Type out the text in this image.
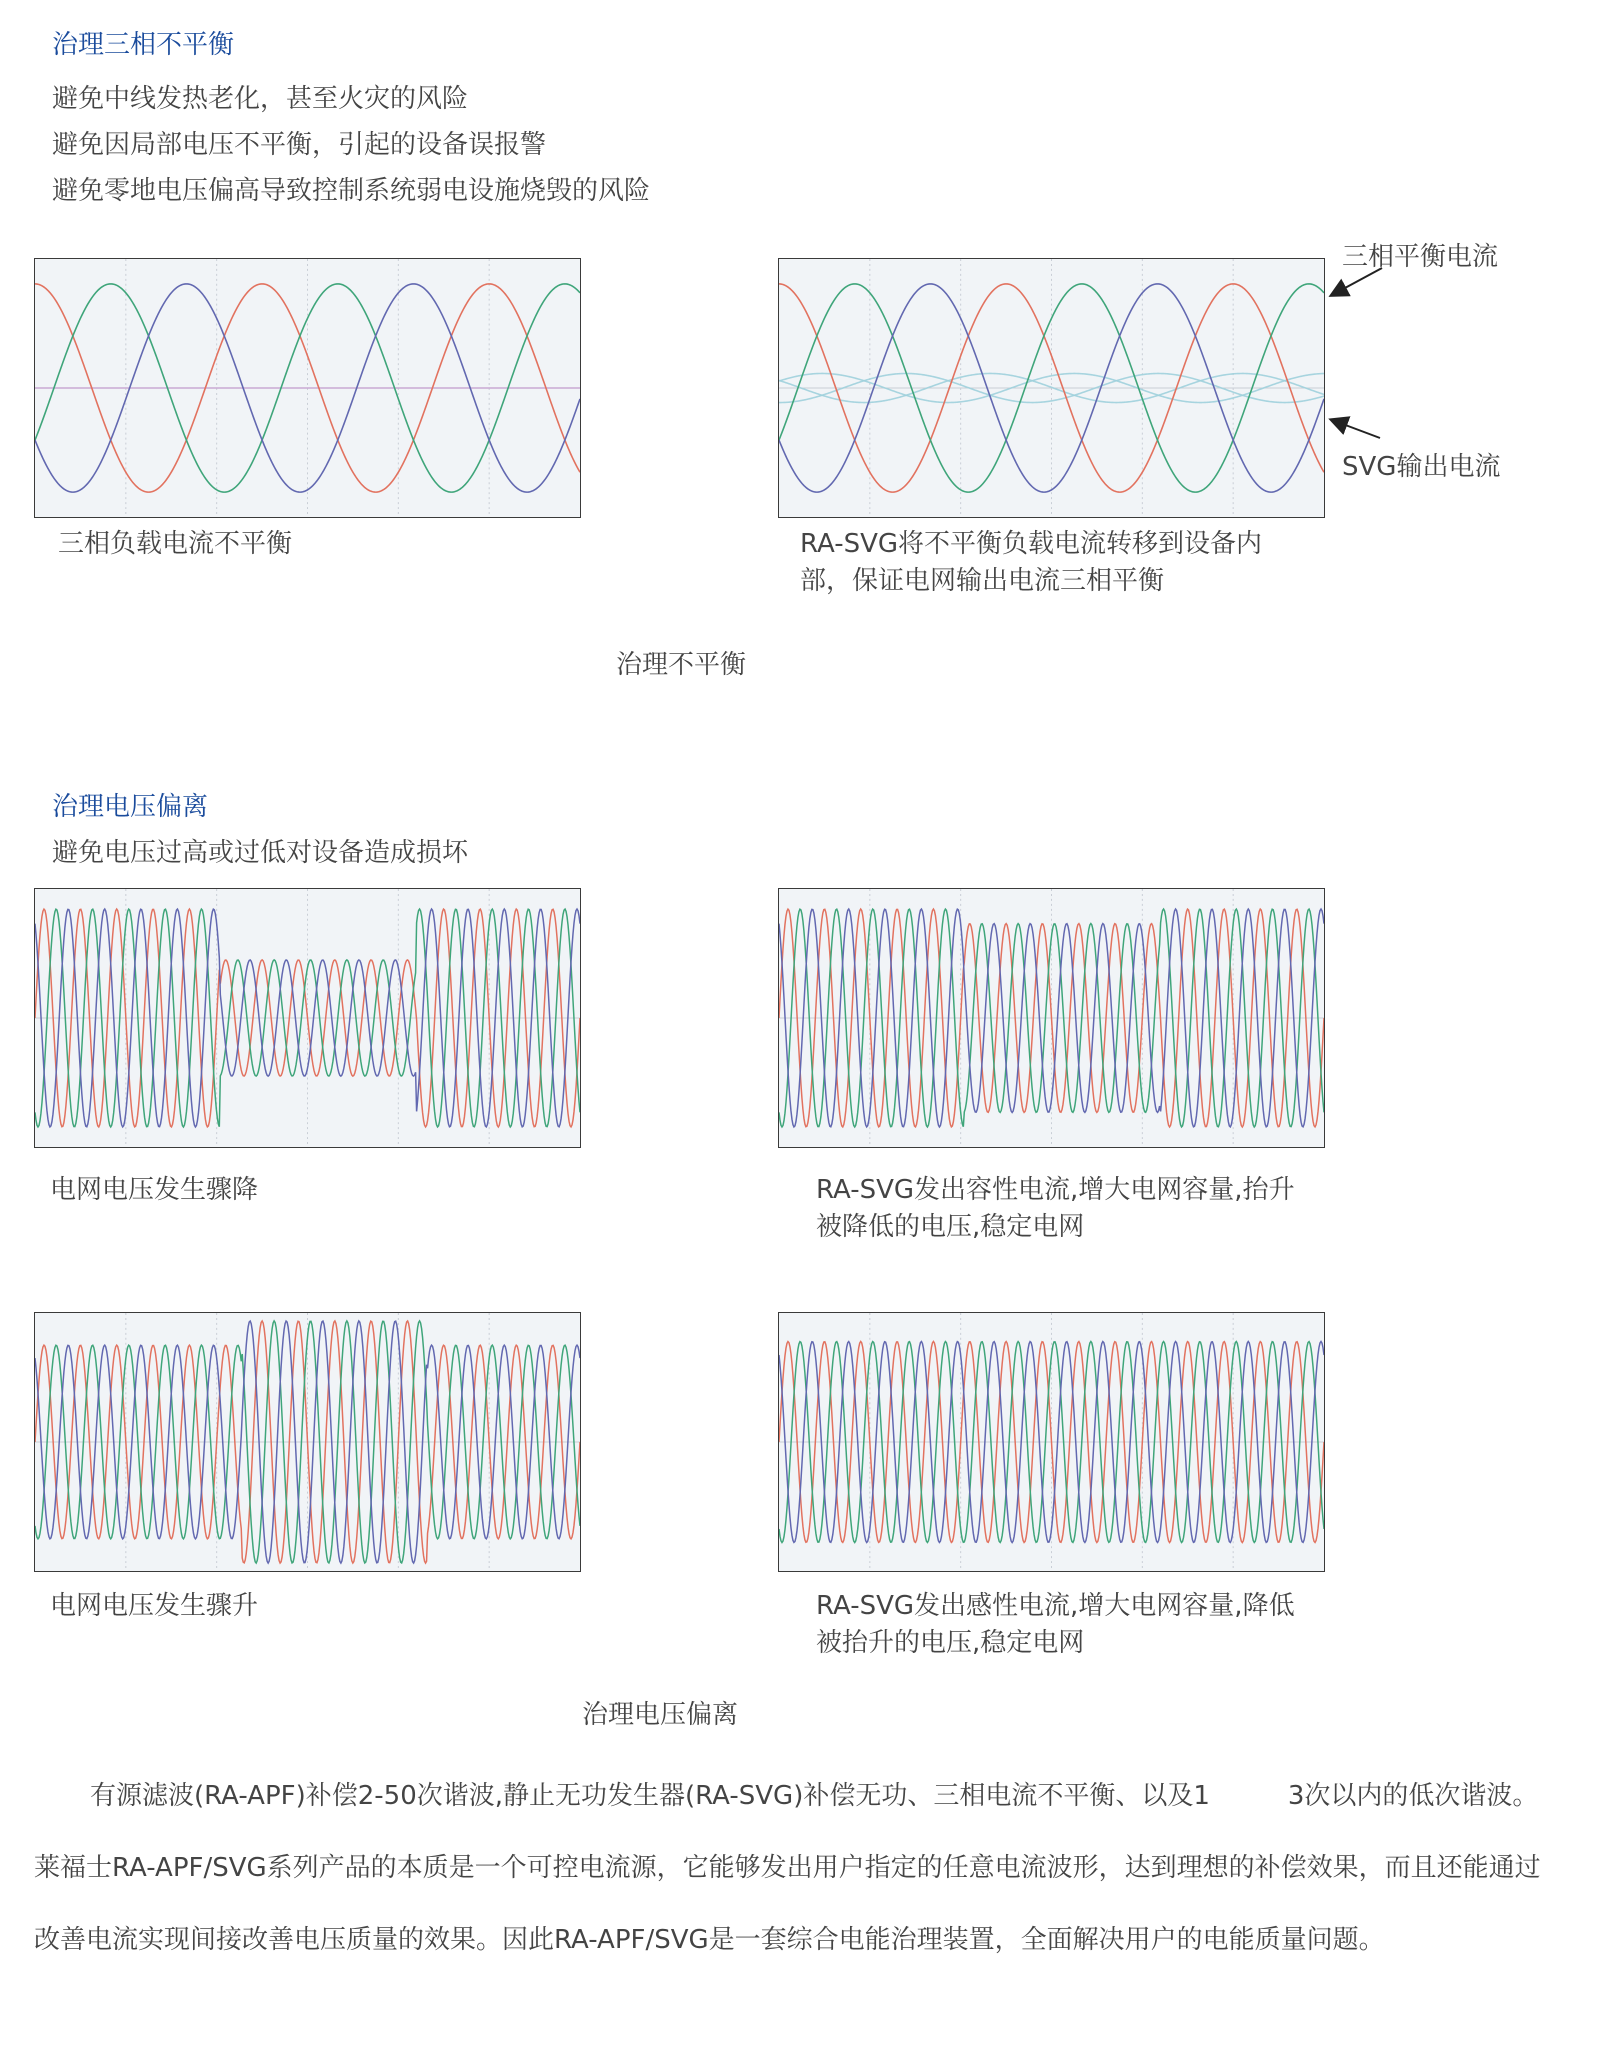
治理三相不平衡

避免中线发热老化，甚至火灾的风险

避免因局部电压不平衡，引起的设备误报警

避免零地电压偏高导致控制系统弱电设施烧毁的风险

三相负载电流不平衡	RA-SVG将不平衡负载电流转移到设备内部，保证电网输出电流三相平衡

三相平衡电流
SVG输出电流
治理不平衡
治理电压偏离

避免电压过高或过低对设备造成损坏

电网电压发生骤降	RA-SVG发出容性电流,增大电网容量,抬升被降低的电压,稳定电网

电网电压发生骤升	RA-SVG发出感性电流,增大电网容量,降低被抬升的电压,稳定电网

治理电压偏离

有源滤波(RA-APF)补偿2-50次谐波,静止无功发生器(RA-SVG)补偿无功、三相电流不平衡、以及1　　　3次以内的低次谐波。莱福士RA-APF/SVG系列产品的本质是一个可控电流源，它能够发出用户指定的任意电流波形，达到理想的补偿效果，而且还能通过改善电流实现间接改善电压质量的效果。因此RA-APF/SVG是一套综合电能治理装置，全面解决用户的电能质量问题。
